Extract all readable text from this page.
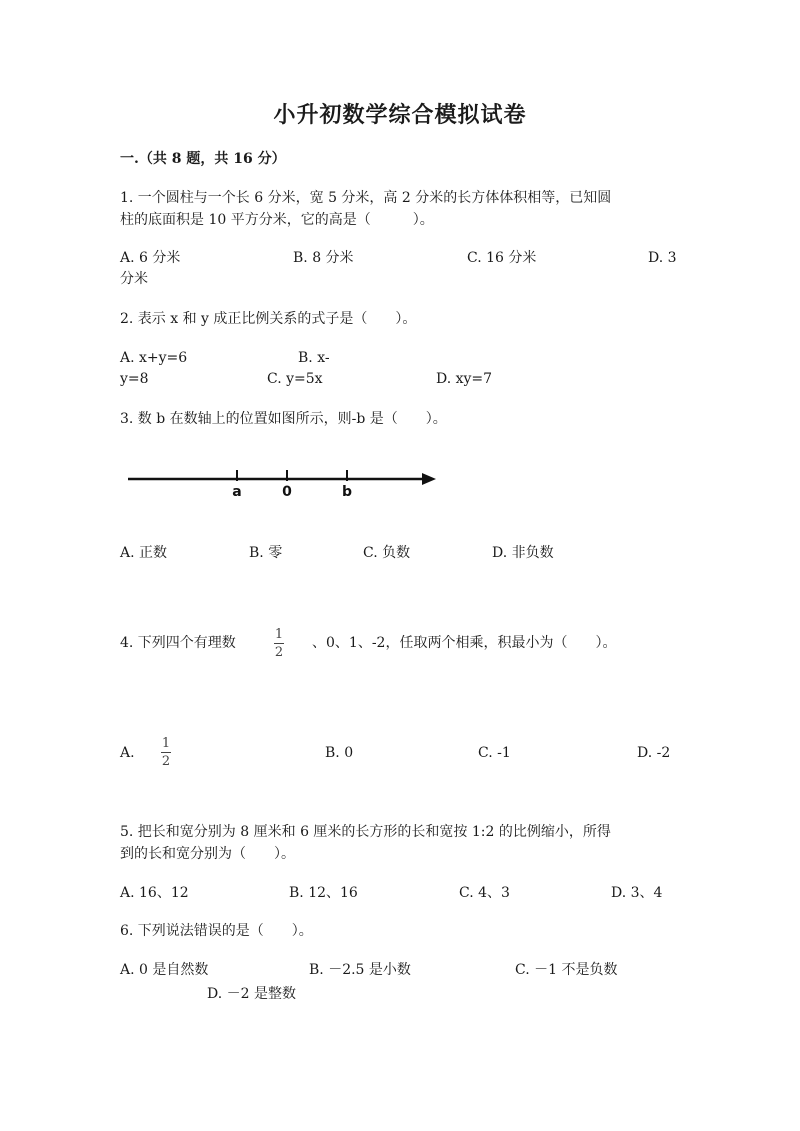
小升初数学综合模拟试卷
一.（共 8 题，共 16 分）
1. 一个圆柱与一个长 6 分米，宽 5 分米，高 2 分米的长方体体积相等，已知圆
柱的底面积是 10 平方分米，它的高是（　　　）。
A. 6 分米	B. 8 分米	C. 16 分米	D. 3
分米
2. 表示 x 和 y 成正比例关系的式子是（　　）。
A. x+y=6	B. x-
y=8	C. y=5x	D. xy=7
3. 数 b 在数轴上的位置如图所示，则-b 是（　　）。
a	0	b
A. 正数	B. 零	C. 负数	D. 非负数
4. 下列四个有理数
1
2
、0、1、-2，任取两个相乘，积最小为（　　）。
A.
1
2
B. 0	C. -1	D. -2
5. 把长和宽分别为 8 厘米和 6 厘米的长方形的长和宽按 1:2 的比例缩小，所得
到的长和宽分别为（　　）。
A. 16、12	B. 12、16	C. 4、3	D. 3、4
6. 下列说法错误的是（　　）。
A. 0 是自然数	B. －2.5 是小数	C. －1 不是负数
D. －2 是整数
